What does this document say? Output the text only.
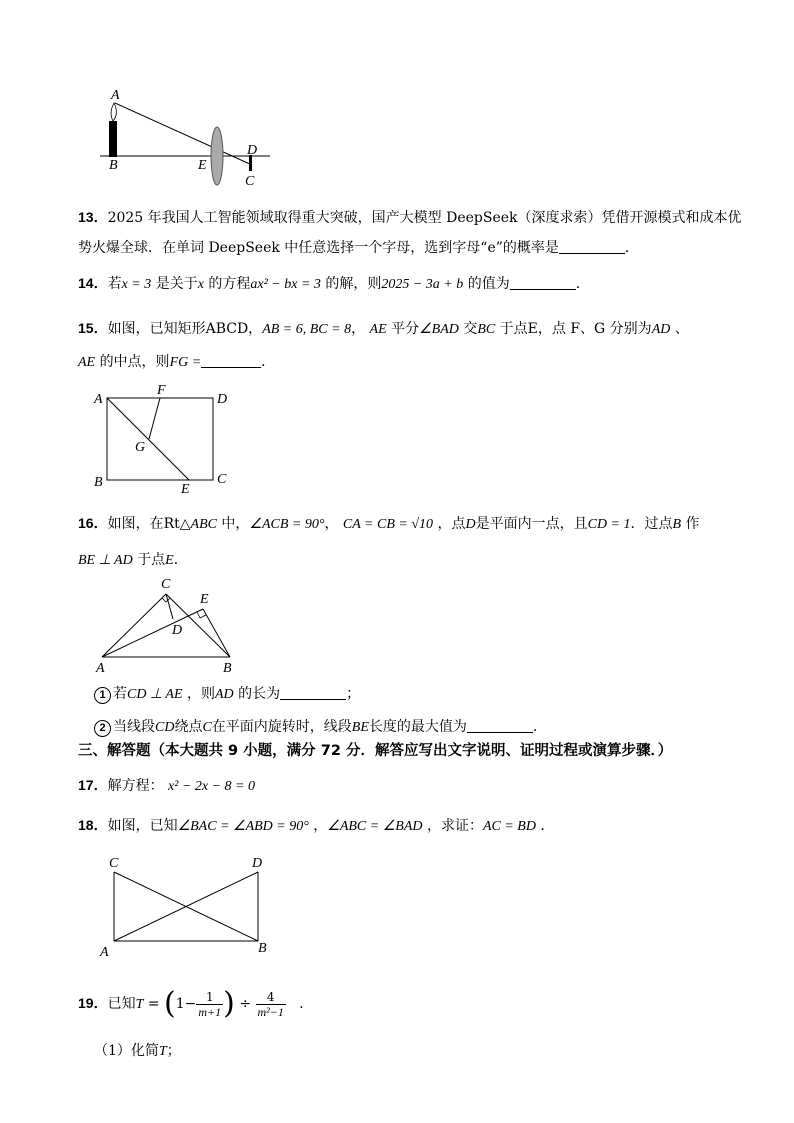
A
B	E
D
C
13．2025 年我国人工智能领域取得重大突破，国产大模型 DeepSeek（深度求索）凭借开源模式和成本优
势火爆全球．在单词 DeepSeek 中任意选择一个字母，选到字母“e”的概率是	．
14．若x = 3 是关于x 的方程ax² − bx = 3 的解，则2025 − 3a + b 的值为	．
15．如图，已知矩形ABCD，AB = 6, BC = 8， AE 平分∠BAD 交BC 于点E，点 F、G 分别为AD 、
AE 的中点，则FG =	．
A
F
D
G
B	E
C
16．如图，在Rt△ABC 中，∠ACB = 90°， CA = CB = √10 ，点D是平面内一点，且CD = 1．过点B 作
BE ⊥ AD 于点E．
C
E
D
A	B
1 若CD ⊥ AE ，则AD 的长为	；
2 当线段CD绕点C在平面内旋转时，线段BE长度的最大值为	．
三、解答题（本大题共 9 小题，满分 72 分．解答应写出文字说明、证明过程或演算步骤．）
17．解方程： x² − 2x − 8 = 0
18．如图，已知∠BAC = ∠ABD = 90° ，∠ABC = ∠BAD ，求证：AC = BD ．
C	D
A	B
19．已知$T = (1- \frac{1}{m+1}$ ) ÷ $\frac{4}{\text{m²−1}}$ ．
（1）化简T；
